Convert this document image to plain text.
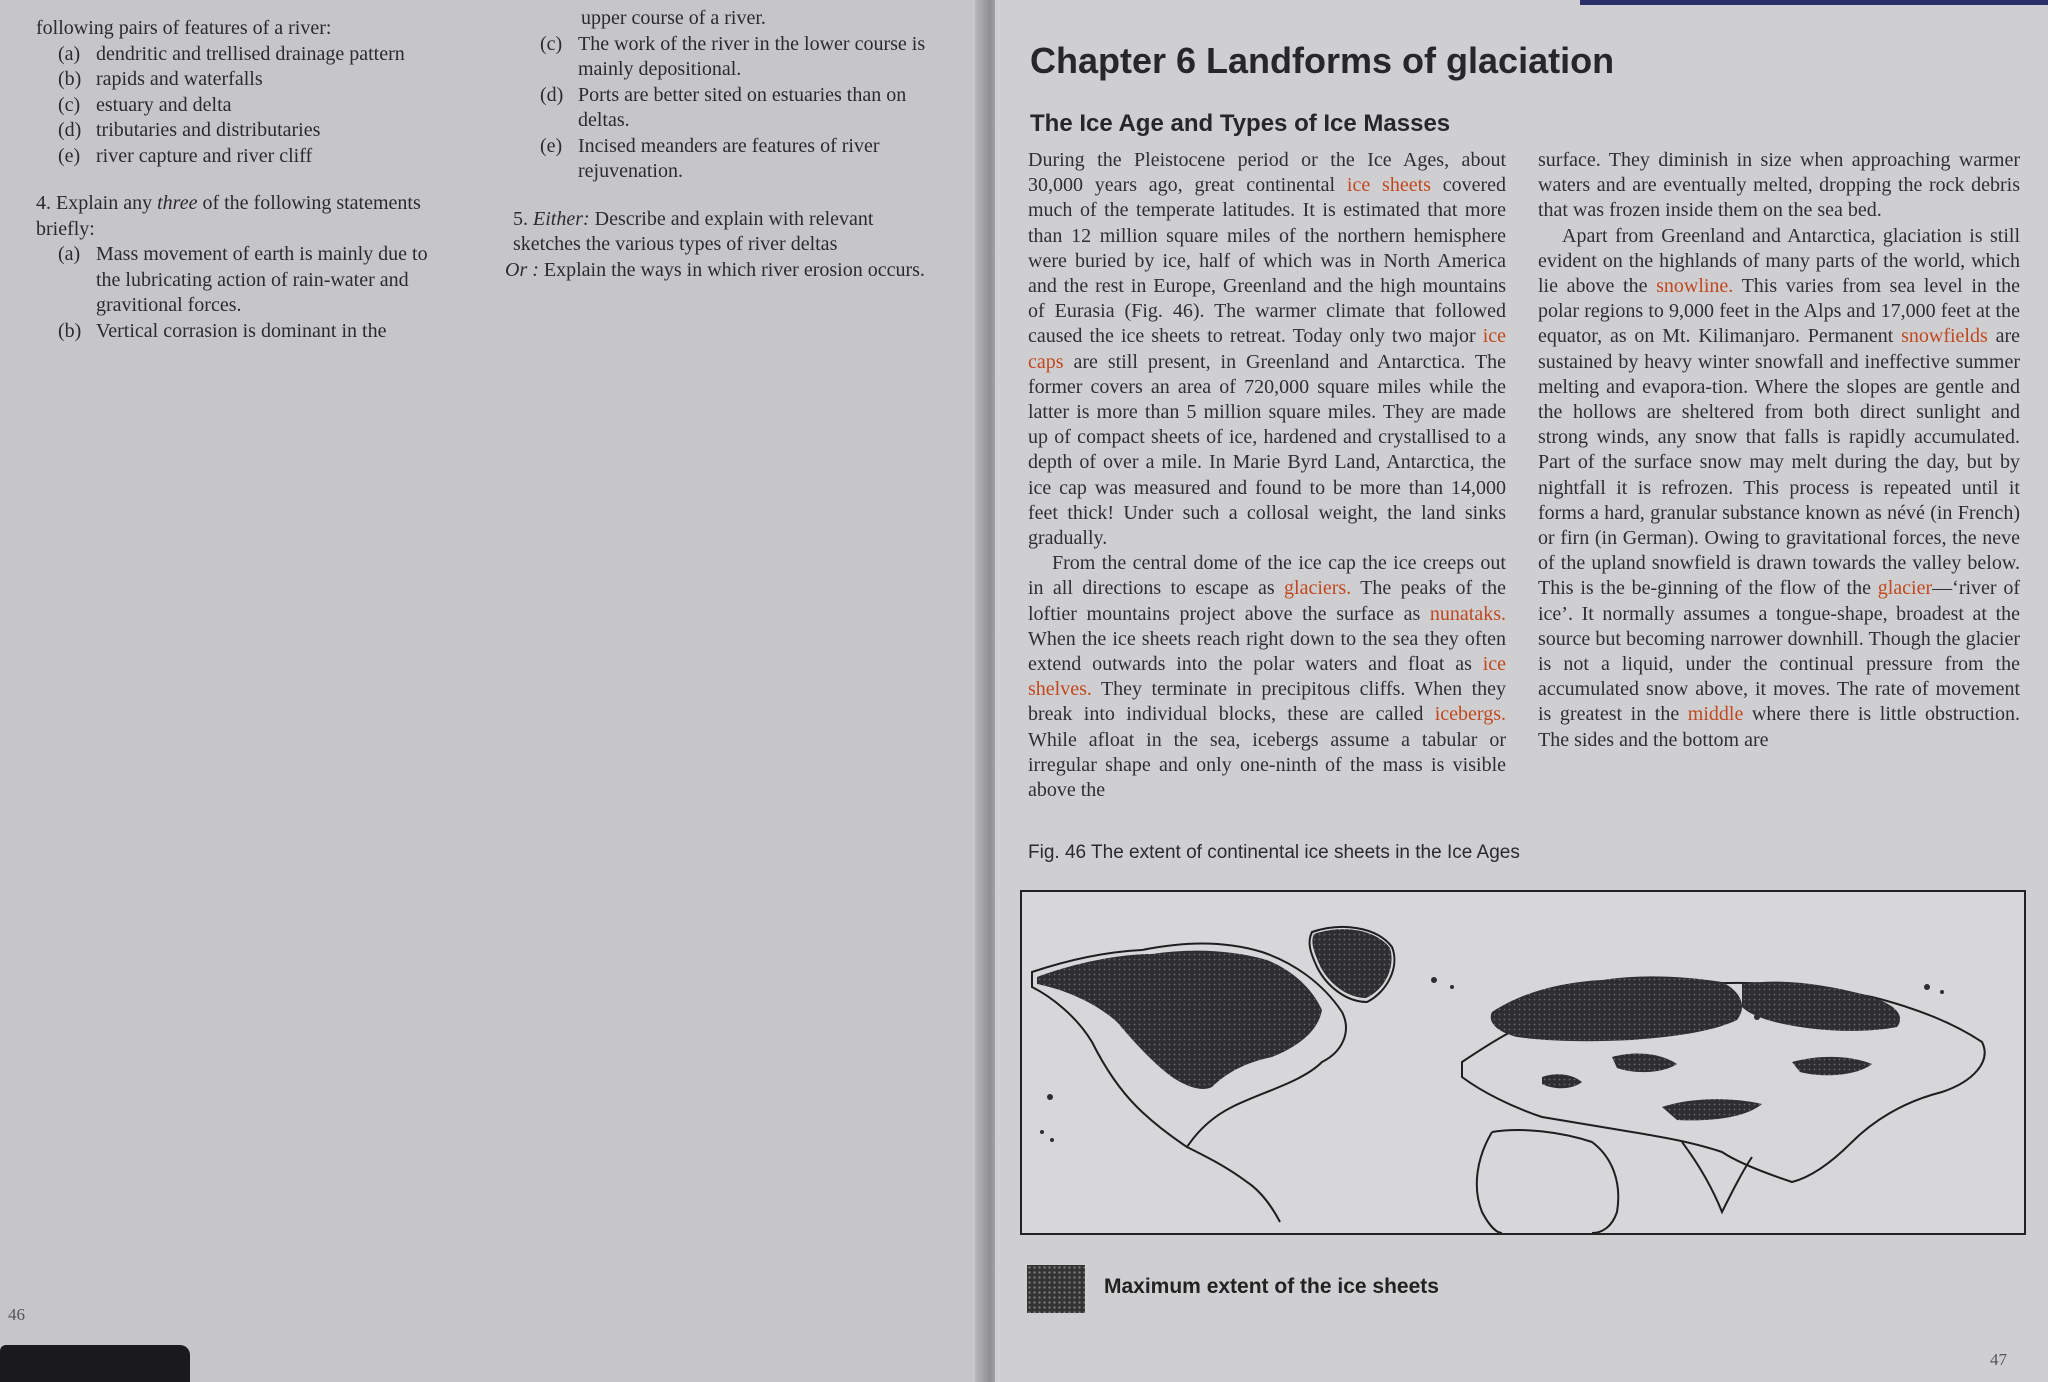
following pairs of features of a river:

(a) dendritic and trellised drainage pattern
(b) rapids and waterfalls
(c) estuary and delta
(d) tributaries and distributaries
(e) river capture and river cliff

4. Explain any three of the following statements briefly:

(a) Mass movement of earth is mainly due to the lubricating action of rain-water and gravitional forces.
(b) Vertical corrasion is dominant in the

upper course of a river.

(c) The work of the river in the lower course is mainly depositional.
(d) Ports are better sited on estuaries than on deltas.
(e) Incised meanders are features of river rejuvenation.

5. Either: Describe and explain with relevant sketches the various types of river deltas

Or : Explain the ways in which river erosion occurs.

46
Chapter 6 Landforms of glaciation
The Ice Age and Types of Ice Masses

During the Pleistocene period or the Ice Ages, about 30,000 years ago, great continental ice sheets covered much of the temperate latitudes. It is estimated that more than 12 million square miles of the northern hemisphere were buried by ice, half of which was in North America and the rest in Europe, Greenland and the high mountains of Eurasia (Fig. 46). The warmer climate that followed caused the ice sheets to retreat. Today only two major ice caps are still present, in Greenland and Antarctica. The former covers an area of 720,000 square miles while the latter is more than 5 million square miles. They are made up of compact sheets of ice, hardened and crystallised to a depth of over a mile. In Marie Byrd Land, Antarctica, the ice cap was measured and found to be more than 14,000 feet thick! Under such a collosal weight, the land sinks gradually.

From the central dome of the ice cap the ice creeps out in all directions to escape as glaciers. The peaks of the loftier mountains project above the surface as nunataks. When the ice sheets reach right down to the sea they often extend outwards into the polar waters and float as ice shelves. They terminate in precipitous cliffs. When they break into individual blocks, these are called icebergs. While afloat in the sea, icebergs assume a tabular or irregular shape and only one-ninth of the mass is visible above the

surface. They diminish in size when approaching warmer waters and are eventually melted, dropping the rock debris that was frozen inside them on the sea bed.

Apart from Greenland and Antarctica, glaciation is still evident on the highlands of many parts of the world, which lie above the snowline. This varies from sea level in the polar regions to 9,000 feet in the Alps and 17,000 feet at the equator, as on Mt. Kilimanjaro. Permanent snowfields are sustained by heavy winter snowfall and ineffective summer melting and evapora-tion. Where the slopes are gentle and the hollows are sheltered from both direct sunlight and strong winds, any snow that falls is rapidly accumulated. Part of the surface snow may melt during the day, but by nightfall it is refrozen. This process is repeated until it forms a hard, granular substance known as névé (in French) or firn (in German). Owing to gravitational forces, the neve of the upland snowfield is drawn towards the valley below. This is the be-ginning of the flow of the glacier—‘river of ice’. It normally assumes a tongue-shape, broadest at the source but becoming narrower downhill. Though the glacier is not a liquid, under the continual pressure from the accumulated snow above, it moves. The rate of movement is greatest in the middle where there is little obstruction. The sides and the bottom are

Fig. 46 The extent of continental ice sheets in the Ice Ages
Maximum extent of the ice sheets
47
